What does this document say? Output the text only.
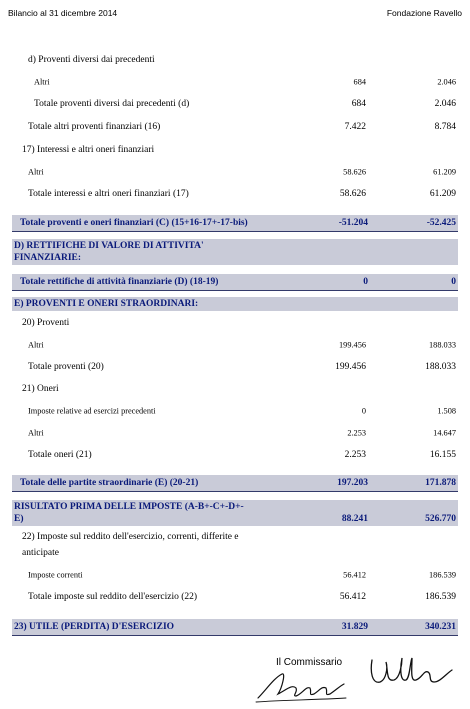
Bilancio al 31 dicembre 2014	Fondazione Ravello
d) Proventi diversi dai precedenti
Altri	684	2.046
Totale proventi diversi dai precedenti (d)	684	2.046
Totale altri proventi finanziari (16)	7.422	8.784
17) Interessi e altri oneri finanziari
Altri	58.626	61.209
Totale interessi e altri oneri finanziari (17)	58.626	61.209
Totale proventi e oneri finanziari (C) (15+16-17+-17-bis)	-51.204	-52.425
D) RETTIFICHE DI VALORE DI ATTIVITA'
FINANZIARIE:
Totale rettifiche di attività finanziarie (D) (18-19)	0	0
E) PROVENTI E ONERI STRAORDINARI:
20) Proventi
Altri	199.456	188.033
Totale proventi (20)	199.456	188.033
21) Oneri
Imposte relative ad esercizi precedenti	0	1.508
Altri	2.253	14.647
Totale oneri (21)	2.253	16.155
Totale delle partite straordinarie (E) (20-21)	197.203	171.878
RISULTATO PRIMA DELLE IMPOSTE (A-B+-C+-D+-
E)	88.241	526.770
22) Imposte sul reddito dell'esercizio, correnti, differite e
anticipate
Imposte correnti	56.412	186.539
Totale imposte sul reddito dell'esercizio (22)	56.412	186.539
23) UTILE (PERDITA) D'ESERCIZIO	31.829	340.231
Il Commissario
